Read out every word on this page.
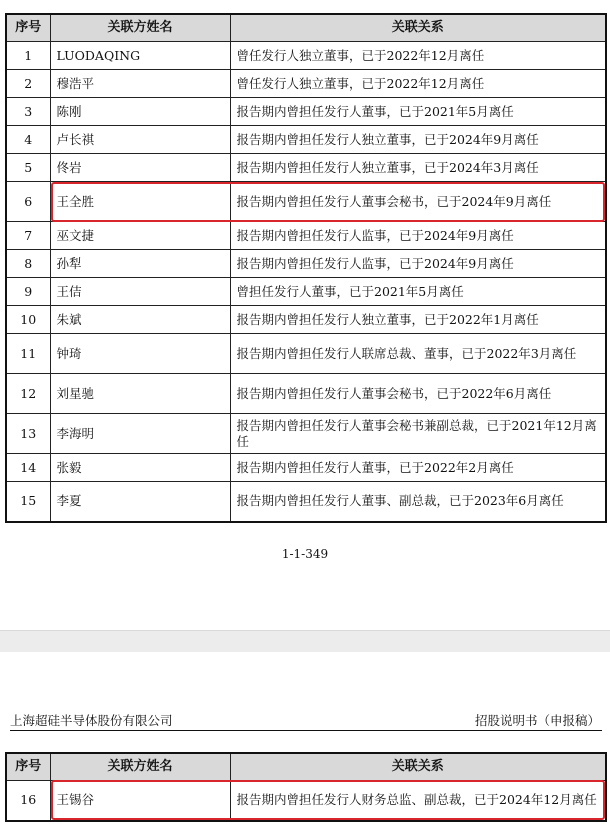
序号	关联方姓名	关联关系
1	LUODAQING	曾任发行人独立董事，已于2022年12月离任
2	穆浩平	曾任发行人独立董事，已于2022年12月离任
3	陈刚	报告期内曾担任发行人董事，已于2021年5月离任
4	卢长祺	报告期内曾担任发行人独立董事，已于2024年9月离任
5	佟岩	报告期内曾担任发行人独立董事，已于2024年3月离任
6	王全胜	报告期内曾担任发行人董事会秘书，已于2024年9月离任
7	巫文捷	报告期内曾担任发行人监事，已于2024年9月离任
8	孙犁	报告期内曾担任发行人监事，已于2024年9月离任
9	王佶	曾担任发行人董事，已于2021年5月离任
10	朱斌	报告期内曾担任发行人独立董事，已于2022年1月离任
11	钟琦	报告期内曾担任发行人联席总裁、董事，已于2022年3月离任
12	刘星驰	报告期内曾担任发行人董事会秘书，已于2022年6月离任
13	李海明	报告期内曾担任发行人董事会秘书兼副总裁，已于2021年12月离任
14	张毅	报告期内曾担任发行人董事，已于2022年2月离任
15	李夏	报告期内曾担任发行人董事、副总裁，已于2023年6月离任
1-1-349
上海超硅半导体股份有限公司	招股说明书（申报稿）
序号	关联方姓名	关联关系
16	王锡谷	报告期内曾担任发行人财务总监、副总裁，已于2024年12月离任
